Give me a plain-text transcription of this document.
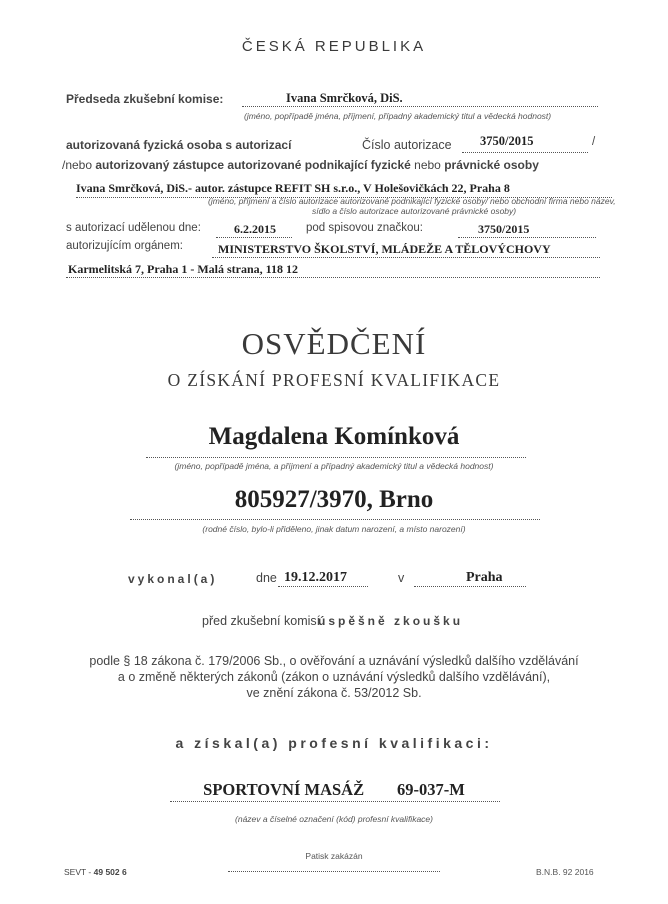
ČESKÁ REPUBLIKA
Předseda zkušební komise:	Ivana Smrčková, DiS.
(jméno, popřípadě jména, příjmení, případný akademický titul a vědecká hodnost)
autorizovaná fyzická osoba s autorizací	Číslo autorizace 3750/2015	/
/nebo autorizovaný zástupce autorizované podnikající fyzické nebo právnické osoby
Ivana Smrčková, DiS.- autor. zástupce REFIT SH s.r.o., V Holešovičkách 22, Praha 8
(jméno, příjmení a číslo autorizace autorizované podnikající fyzické osoby/ nebo obchodní firma nebo název,
sídlo a číslo autorizace autorizované právnické osoby)
s autorizací udělenou dne:	6.2.2015	pod spisovou značkou:	3750/2015
autorizujícím orgánem:	MINISTERSTVO ŠKOLSTVÍ, MLÁDEŽE A TĚLOVÝCHOVY
Karmelitská 7, Praha 1 - Malá strana, 118 12
OSVĚDČENÍ
O ZÍSKÁNÍ PROFESNÍ KVALIFIKACE
Magdalena Komínková
(jméno, popřípadě jména, a příjmení a případný akademický titul a vědecká hodnost)
805927/3970, Brno
(rodné číslo, bylo-li přiděleno, jinak datum narození, a místo narození)
vykonal(a)	dne 19.12.2017	v	Praha
před zkušební komisí
úspěšně zkoušku
podle § 18 zákona č. 179/2006 Sb., o ověřování a uznávání výsledků dalšího vzdělávání
a o změně některých zákonů (zákon o uznávání výsledků dalšího vzdělávání),
ve znění zákona č. 53/2012 Sb.
a získal(a) profesní kvalifikaci:
SPORTOVNÍ MASÁŽ 69-037-M
(název a číselné označení (kód) profesní kvalifikace)
Patisk zakázán
SEVT - 49 502 6	B.N.B. 92 2016
